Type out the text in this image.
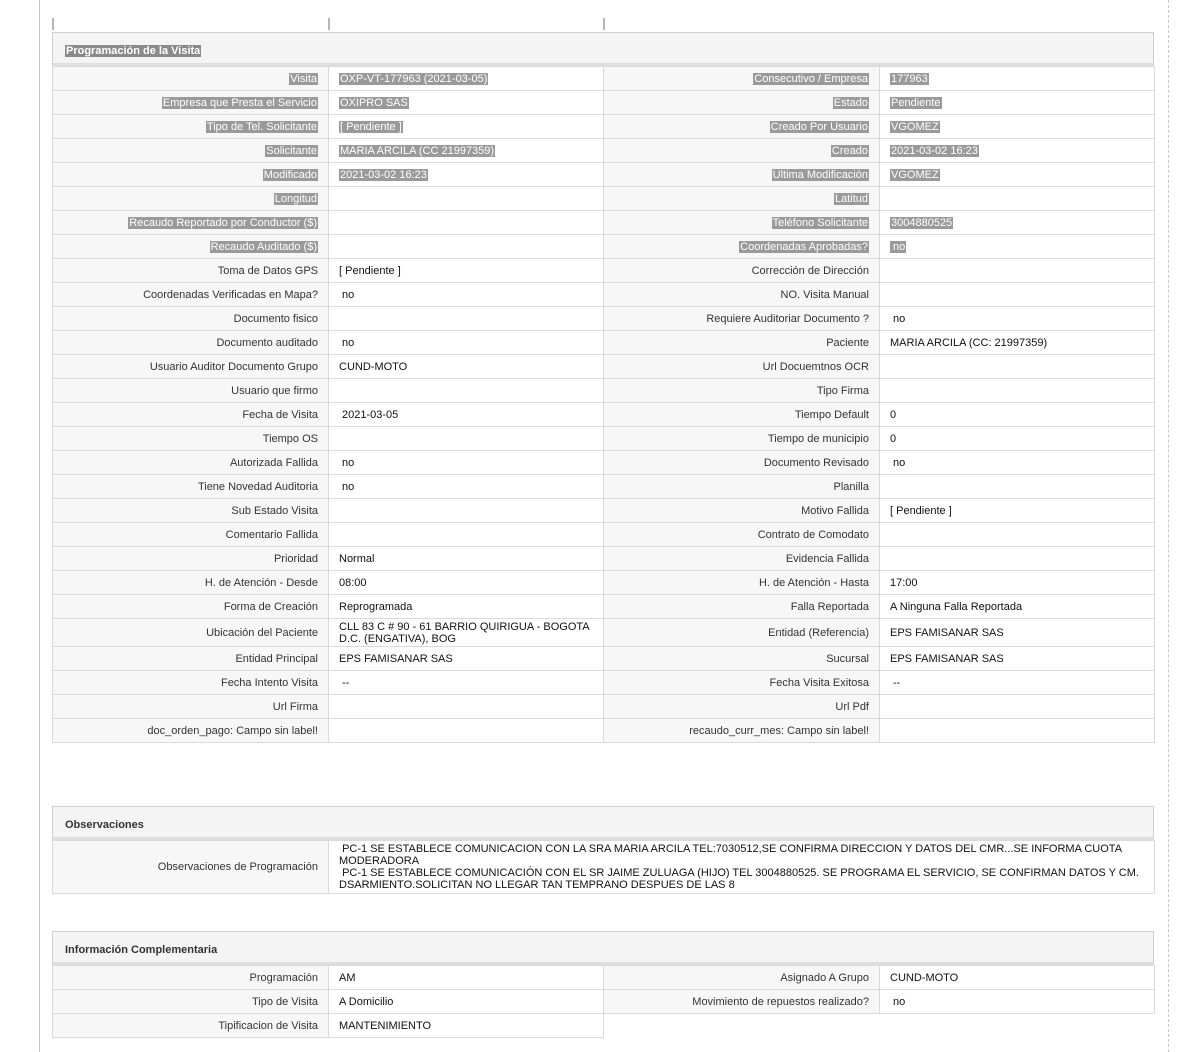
Programación de la Visita
Visita	OXP-VT-177963 (2021-03-05)	Consecutivo / Empresa	177963
Empresa que Presta el Servicio	OXIPRO SAS	Estado	Pendiente
Tipo de Tel. Solicitante	[ Pendiente ]	Creado Por Usuario	VGOMEZ
Solicitante	MARIA ARCILA (CC 21997359)	Creado	2021-03-02 16:23
Modificado	2021-03-02 16:23	Ultima Modificación	VGOMEZ
Longitud		Latitud	
Recaudo Reportado por Conductor ($)		Teléfono Solicitante	3004880525
Recaudo Auditado ($)		Coordenadas Aprobadas?	no
Toma de Datos GPS	[ Pendiente ]	Corrección de Dirección	
Coordenadas Verificadas en Mapa?	no	NO. Visita Manual	
Documento fisico		Requiere Auditoriar Documento ?	no
Documento auditado	no	Paciente	MARIA ARCILA (CC: 21997359)
Usuario Auditor Documento Grupo	CUND-MOTO	Url Docuemtnos OCR	
Usuario que firmo		Tipo Firma	
Fecha de Visita	2021-03-05	Tiempo Default	0
Tiempo OS		Tiempo de municipio	0
Autorizada Fallida	no	Documento Revisado	no
Tiene Novedad Auditoria	no	Planilla	
Sub Estado Visita		Motivo Fallida	[ Pendiente ]
Comentario Fallida		Contrato de Comodato	
Prioridad	Normal	Evidencia Fallida	
H. de Atención - Desde	08:00	H. de Atención - Hasta	17:00
Forma de Creación	Reprogramada	Falla Reportada	A Ninguna Falla Reportada
Ubicación del Paciente	CLL 83 C # 90 - 61 BARRIO QUIRIGUA - BOGOTA D.C. (ENGATIVA), BOG	Entidad (Referencia)	EPS FAMISANAR SAS
Entidad Principal	EPS FAMISANAR SAS	Sucursal	EPS FAMISANAR SAS
Fecha Intento Visita	--	Fecha Visita Exitosa	--
Url Firma		Url Pdf	
doc_orden_pago: Campo sin label!		recaudo_curr_mes: Campo sin label!	
Observaciones
Observaciones de Programación	PC-1 SE ESTABLECE COMUNICACION CON LA SRA MARIA ARCILA TEL:7030512,SE CONFIRMA DIRECCION Y DATOS DEL CMR...SE INFORMA CUOTA MODERADORA
PC-1 SE ESTABLECE COMUNICACIÓN CON EL SR JAIME ZULUAGA (HIJO) TEL 3004880525. SE PROGRAMA EL SERVICIO, SE CONFIRMAN DATOS Y CM. DSARMIENTO.SOLICITAN NO LLEGAR TAN TEMPRANO DESPUES DE LAS 8
Información Complementaria
Programación	AM	Asignado A Grupo	CUND-MOTO
Tipo de Visita	A Domicilio	Movimiento de repuestos realizado?	no
Tipificacion de Visita	MANTENIMIENTO		
